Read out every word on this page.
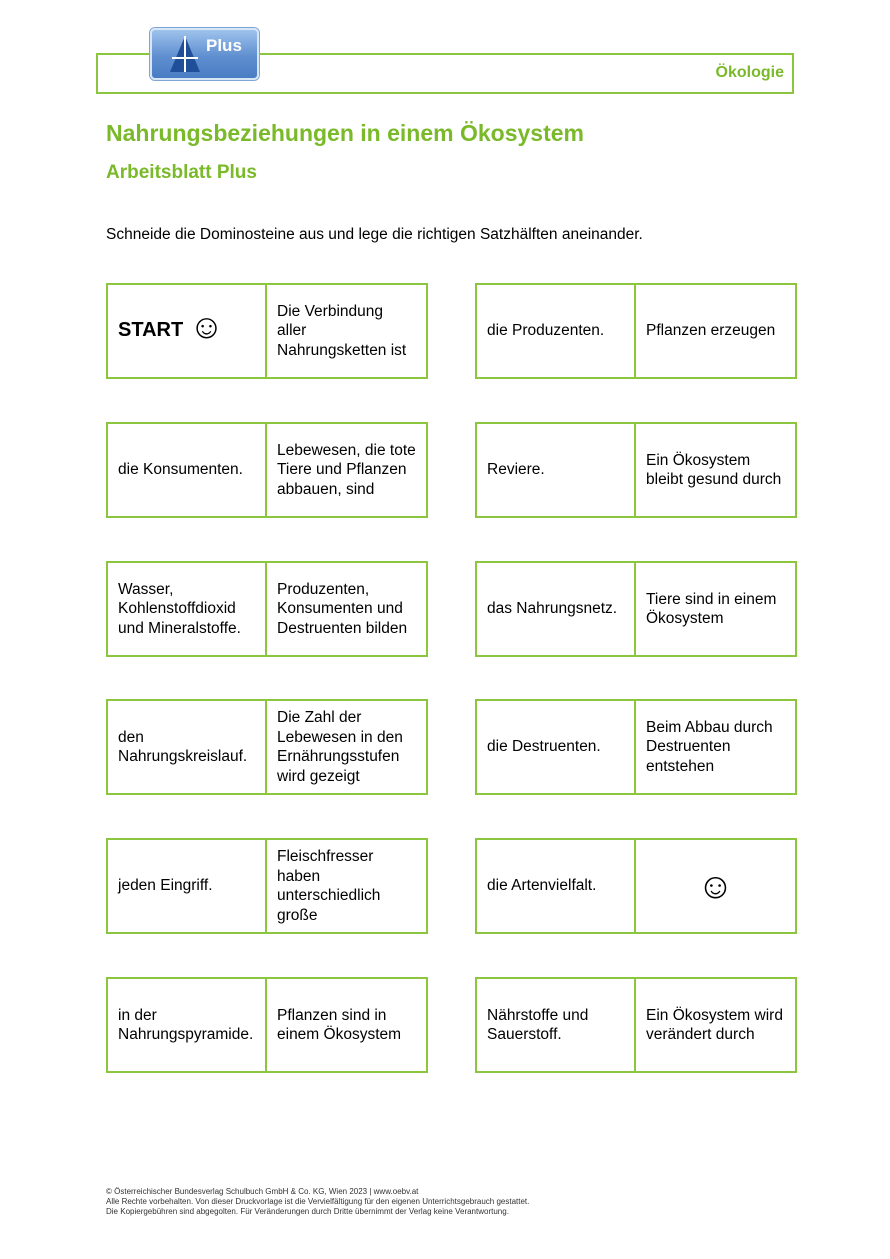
Ökologie
Plus
Nahrungsbeziehungen in einem Ökosystem
Arbeitsblatt Plus

Schneide die Dominosteine aus und lege die richtigen Satzhälften aneinander.

START ☺	Die Verbindung aller Nahrungsketten ist
die Produzenten.	Pflanzen erzeugen
die Konsumenten.
Lebewesen, die tote Tiere und Pflanzen abbauen, sind
Reviere.
Ein Ökosystem bleibt gesund durch
Wasser, Kohlenstoffdioxid und Mineralstoffe.
Produzenten, Konsumenten und Destruenten bilden
das Nahrungsnetz.
Tiere sind in einem Ökosystem
den Nahrungskreislauf.
Die Zahl der Lebewesen in den Ernährungsstufen wird gezeigt
die Destruenten.
Beim Abbau durch Destruenten entstehen
jeden Eingriff.
Fleischfresser haben unterschiedlich große
die Artenvielfalt.	☺
in der Nahrungspyramide.
Pflanzen sind in einem Ökosystem
Nährstoffe und Sauerstoff.
Ein Ökosystem wird verändert durch
© Österreichischer Bundesverlag Schulbuch GmbH & Co. KG, Wien 2023 | www.oebv.at
Alle Rechte vorbehalten. Von dieser Druckvorlage ist die Vervielfältigung für den eigenen Unterrichtsgebrauch gestattet.
Die Kopiergebühren sind abgegolten. Für Veränderungen durch Dritte übernimmt der Verlag keine Verantwortung.
